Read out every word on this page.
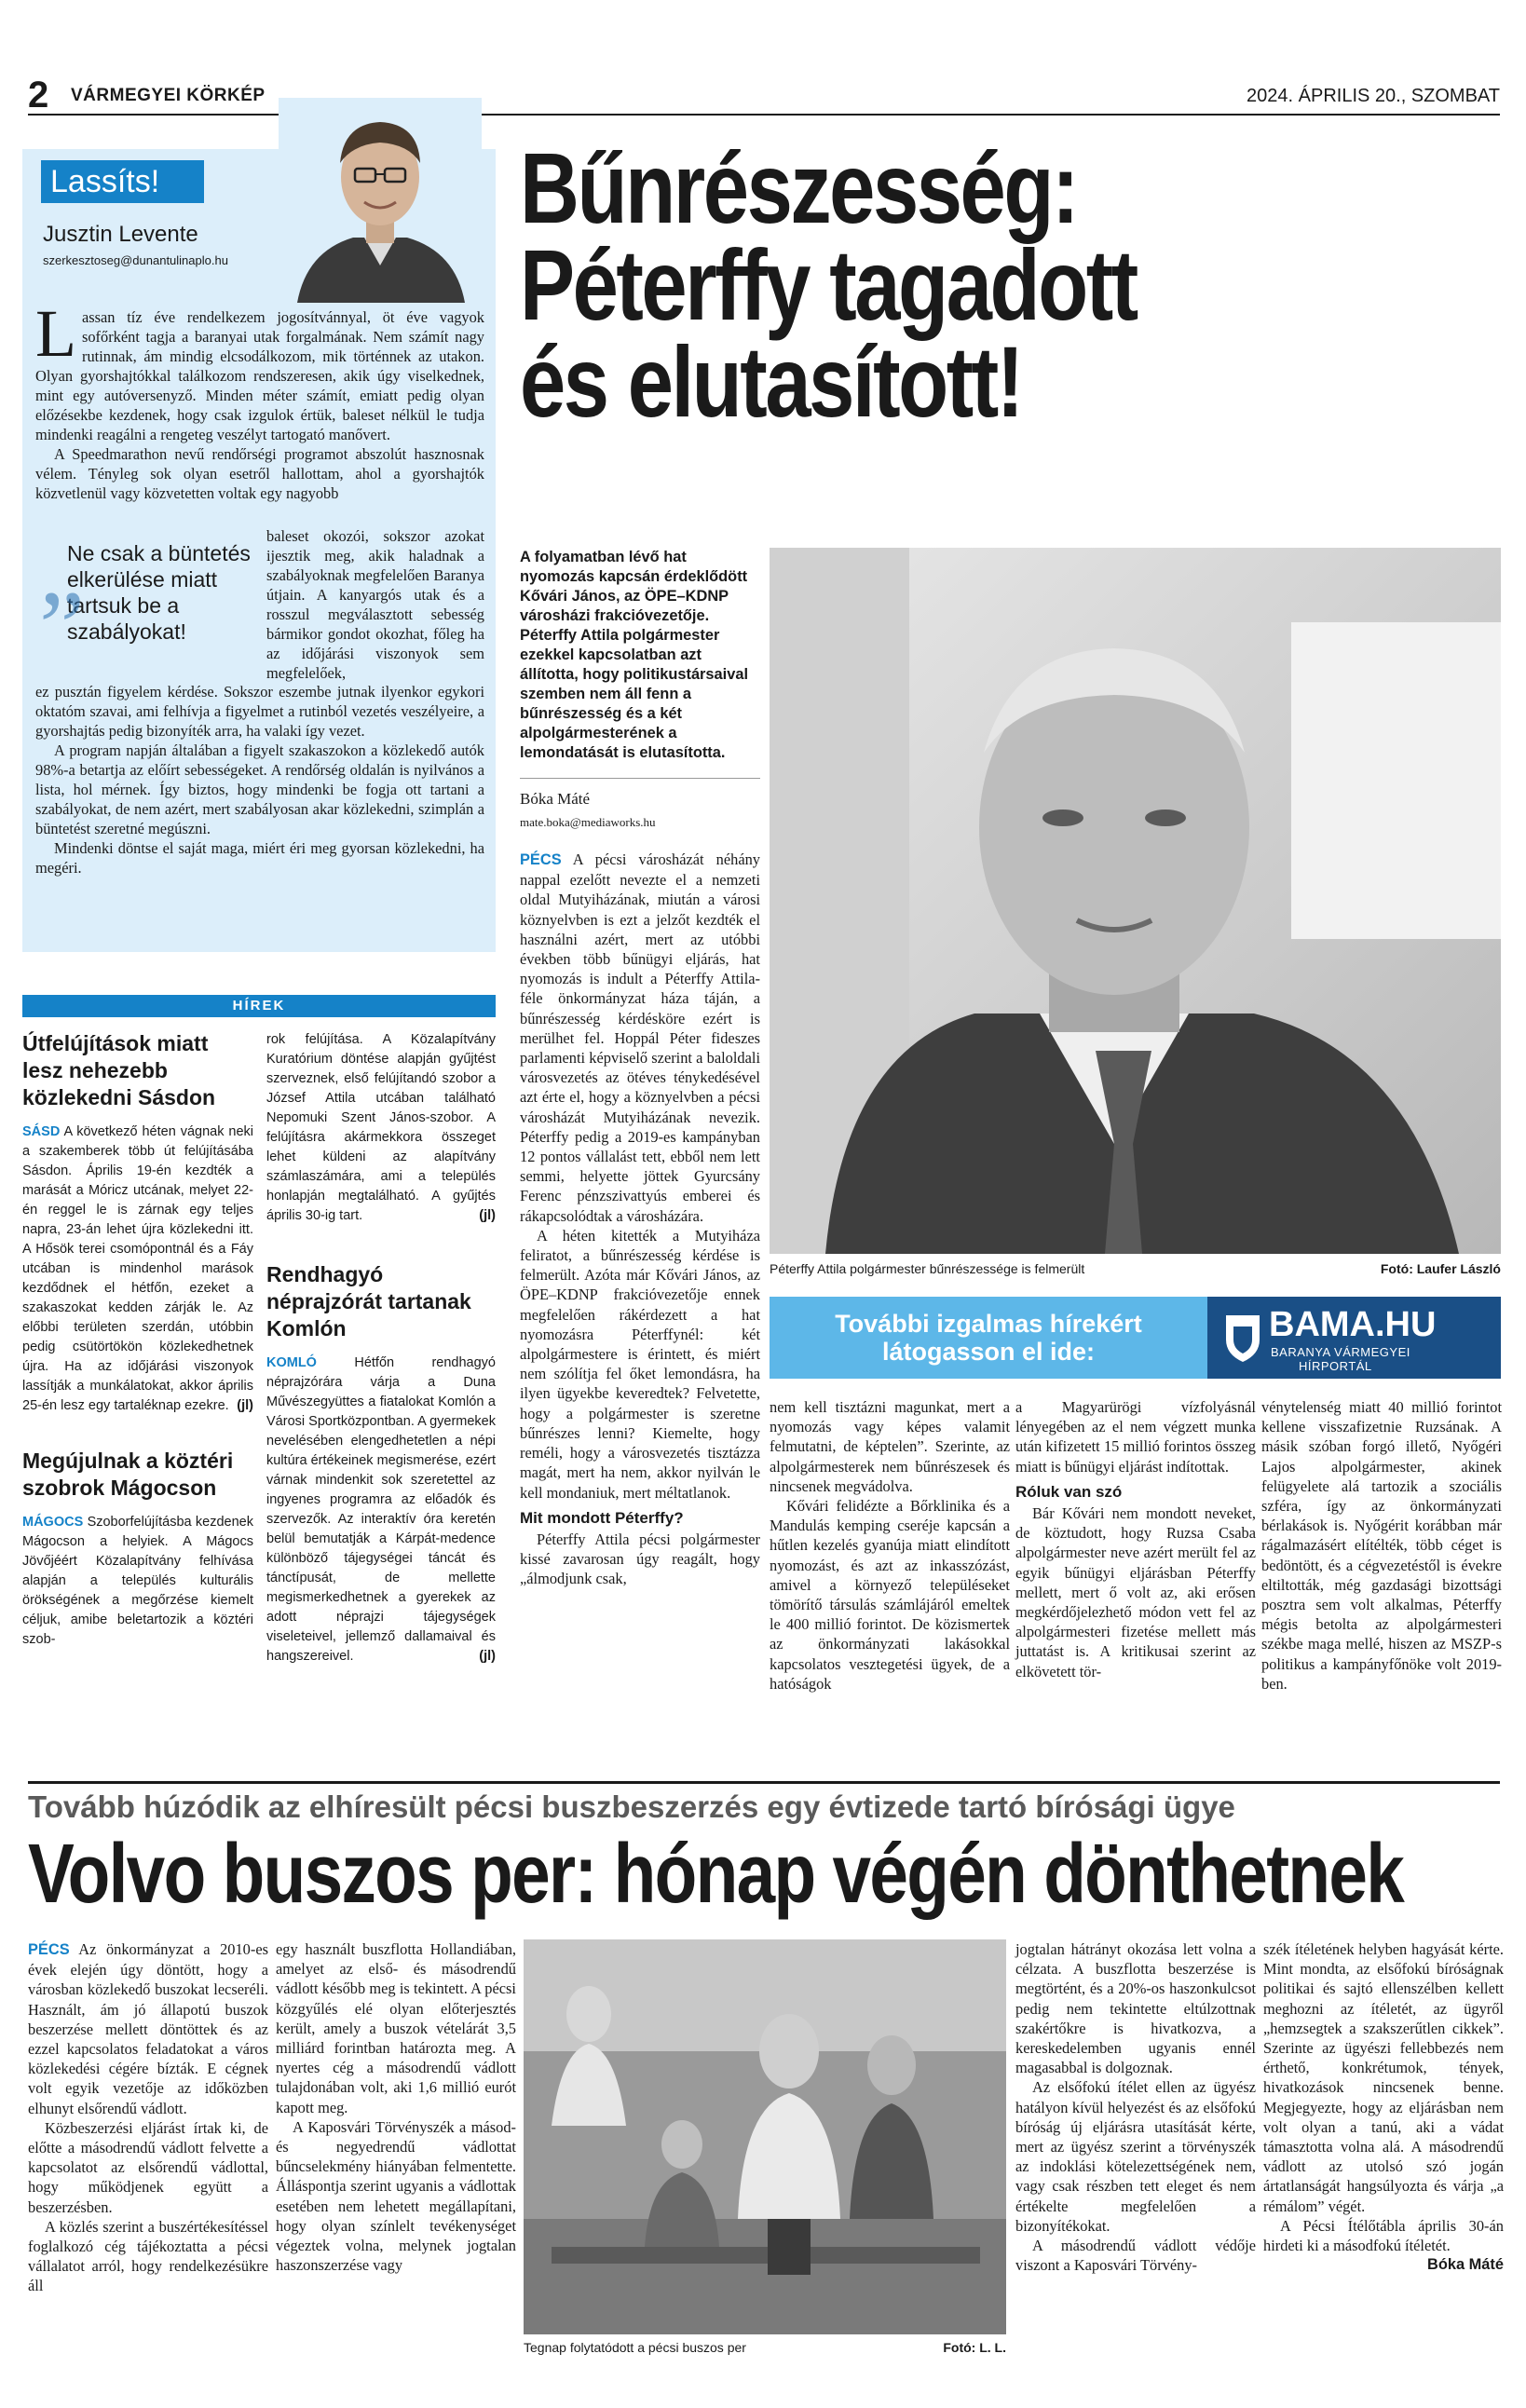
2 VÁRMEGYEI KÖRKÉP	2024. ÁPRILIS 20., SZOMBAT
Lassíts!
Jusztin Levente
szerkesztoseg@dunantulinaplo.hu

Lassan tíz éve rendelkezem jogosítvánnyal, öt éve vagyok sofőrként tagja a baranyai utak forgalmának. Nem számít nagy rutinnak, ám mindig elcsodálkozom, mik történnek az utakon. Olyan gyorshajtókkal találkozom rendszeresen, akik úgy viselkednek, mint egy autóversenyző. Minden méter számít, emiatt pedig olyan előzésekbe kezdenek, hogy csak izgulok értük, baleset nélkül le tudja mindenki reagálni a rengeteg veszélyt tartogató manővert.

A Speedmarathon nevű rendőrségi programot abszolút hasznosnak vélem. Tényleg sok olyan esetről hallottam, ahol a gyorshajtók közvetlenül vagy közvetetten voltak egy nagyobb

„
Ne csak a büntetés elkerülése miatt tartsuk be a szabályokat!

baleset okozói, sokszor azokat ijesztik meg, akik haladnak a szabályoknak megfelelően Baranya útjain. A kanyargós utak és a rosszul megválasztott sebesség bármikor gondot okozhat, főleg ha az időjárási viszonyok sem megfelelőek,

ez pusztán figyelem kérdése. Sokszor eszembe jutnak ilyenkor egykori oktatóm szavai, ami felhívja a figyelmet a rutinból vezetés veszélyeire, a gyorshajtás pedig bizonyíték arra, ha valaki így vezet.

A program napján általában a figyelt szakaszokon a közlekedő autók 98%-a betartja az előírt sebességeket. A rendőrség oldalán is nyilvános a lista, hol mérnek. Így biztos, hogy mindenki be fogja ott tartani a szabályokat, de nem azért, mert szabályosan akar közlekedni, szimplán a büntetést szeretné megúszni.

Mindenki döntse el saját maga, miért éri meg gyorsan közlekedni, ha megéri.

HÍREK
Útfelújítások miatt lesz nehezebb közlekedni Sásdon
SÁSD A következő héten vágnak neki a szakemberek több út felújításába Sásdon. Április 19-én kezdték a marását a Móricz utcának, melyet 22-én reggel le is zárnak egy teljes napra, 23-án lehet újra közlekedni itt. A Hősök terei csomópontnál és a Fáy utcában is mindenhol marások kezdődnek el hétfőn, ezeket a szakaszokat kedden zárják le. Az előbbi területen szerdán, utóbbin pedig csütörtökön közlekedhetnek újra. Ha az időjárási viszonyok lassítják a munkálatokat, akkor április 25-én lesz egy tartaléknap ezekre. (jl)
Megújulnak a köztéri szobrok Mágocson
MÁGOCS Szoborfelújításba kezdenek Mágocson a helyiek. A Mágocs Jövőjéért Közalapítvány felhívása alapján a település kulturális örökségének a megőrzése kiemelt céljuk, amibe beletartozik a köztéri szob-
rok felújítása. A Közalapítvány Kuratórium döntése alapján gyűjtést szerveznek, első felújítandó szobor a József Attila utcában található Nepomuki Szent János-szobor. A felújításra akármekkora összeget lehet küldeni az alapítvány számlaszámára, ami a település honlapján megtalálható. A gyűjtés április 30-ig tart.	(jl)
Rendhagyó néprajzórát tartanak Komlón
KOMLÓ	Hétfőn rendhagyó néprajzórára várja a Duna Művészegyüttes a fiatalokat Komlón a Városi Sportközpontban. A gyermekek nevelésében elengedhetetlen a népi kultúra értékeinek megismerése, ezért várnak mindenkit sok szeretettel az ingyenes programra az előadók és szervezők. Az interaktív óra keretén belül bemutatják a Kárpát-medence különböző tájegységei táncát és tánctípusát, de mellette megismerkedhetnek a gyerekek az adott néprajzi tájegységek viseleteivel, jellemző dallamaival és hangszereivel.	(jl)
Bűnrészesség:
Péterffy tagadott
és elutasított!
A folyamatban lévő hat nyomozás kapcsán érdeklődött Kővári János, az ÖPE–KDNP városházi frakcióvezetője. Péterffy Attila polgármester ezekkel kapcsolatban azt állította, hogy politikustársaival szemben nem áll fenn a bűnrészesség és a két alpolgármesterének a lemondatását is elutasította.
Bóka Máté
mate.boka@mediaworks.hu

PÉCS A pécsi városházát néhány nappal ezelőtt nevezte el a nemzeti oldal Mutyiházának, miután a városi köznyelvben is ezt a jelzőt kezdték el használni azért, mert az utóbbi években több bűnügyi eljárás, hat nyomozás is indult a Péterffy Attila-féle önkormányzat háza táján, a bűnrészesség kérdésköre ezért is merülhet fel. Hoppál Péter fideszes parlamenti képviselő szerint a baloldali városvezetés az ötéves ténykedésével azt érte el, hogy a köznyelvben a pécsi városházát Mutyiházának nevezik. Péterffy pedig a 2019-es kampányban 12 pontos vállalást tett, ebből nem lett semmi, helyette jöttek Gyurcsány Ferenc pénzszivattyús emberei és rákapcsolódtak a városházára.

A héten kitették a Mutyiháza feliratot, a bűnrészesség kérdése is felmerült. Azóta már Kővári János, az ÖPE–KDNP frakcióvezetője ennek megfelelően rákérdezett a hat nyomozásra Péterffynél: két alpolgármestere is érintett, és miért nem szólítja fel őket lemondásra, ha ilyen ügyekbe keveredtek? Felvetette, hogy a polgármester is szeretne bűnrészes lenni? Kiemelte, hogy reméli, hogy a városvezetés tisztázza magát, mert ha nem, akkor nyilván le kell mondaniuk, mert méltatlanok.

Mit mondott Péterffy?

Péterffy Attila pécsi polgármester kissé zavarosan úgy reagált, hogy „álmodjunk csak,

Péterffy Attila polgármester bűnrészessége is felmerült	Fotó: Laufer László
További izgalmas hírekért
látogasson el ide:
BAMA.HU
BARANYA VÁRMEGYEI
HÍRPORTÁL

nem kell tisztázni magunkat, mert a nyomozás vagy képes valamit felmutatni, de képtelen”. Szerinte, az alpolgármesterek nem bűnrészesek és nincsenek megvádolva.

Kővári felidézte a Bőrklinika és a Mandulás kemping cseréje kapcsán a hűtlen kezelés gyanúja miatt elindított nyomozást, és azt az inkasszózást, amivel a környező településeket tömörítő társulás számlájáról emeltek le 400 millió forintot. De közismertek az önkormányzati lakásokkal kapcsolatos vesztegetési ügyek, de a hatóságok

a Magyarürögi vízfolyásnál lényegében az el nem végzett munka után kifizetett 15 millió forintos összeg miatt is bűnügyi eljárást indítottak.

Róluk van szó

Bár Kővári nem mondott neveket, de köztudott, hogy Ruzsa Csaba alpolgármester neve azért merült fel az egyik bűnügyi eljárásban Péterffy mellett, mert ő volt az, aki erősen megkérdőjelezhető módon vett fel az alpolgármesteri fizetése mellett más juttatást is. A kritikusai szerint az elkövetett tör-

vénytelenség miatt 40 millió forintot kellene visszafizetnie Ruzsának. A másik szóban forgó illető, Nyőgéri Lajos alpolgármester, akinek felügyelete alá tartozik a szociális szféra, így az önkormányzati bérlakások is. Nyőgérit korábban már rágalmazásért elítélték, több céget is bedöntött, és a cégvezetéstől is évekre eltiltották, még gazdasági bizottsági posztra sem volt alkalmas, Péterffy mégis betolta az alpolgármesteri székbe maga mellé, hiszen az MSZP-s politikus a kampányfőnöke volt 2019-ben.

Tovább húzódik az elhíresült pécsi buszbeszerzés egy évtizede tartó bírósági ügye
Volvo buszos per: hónap végén dönthetnek

PÉCS Az önkormányzat a 2010-es évek elején úgy döntött, hogy a városban közlekedő buszokat lecseréli. Használt, ám jó állapotú buszok beszerzése mellett döntöttek és az ezzel kapcsolatos feladatokat a város közlekedési cégére bízták. E cégnek volt egyik vezetője az időközben elhunyt elsőrendű vádlott.

Közbeszerzési eljárást írtak ki, de előtte a másodrendű vádlott felvette a kapcsolatot az elsőrendű vádlottal, hogy működjenek együtt a beszerzésben.

A közlés szerint a buszértékesítéssel foglalkozó cég tájékoztatta a pécsi vállalatot arról, hogy rendelkezésükre áll

egy használt buszflotta Hollandiában, amelyet az első- és másodrendű vádlott később meg is tekintett. A pécsi közgyűlés elé olyan előterjesztés került, amely a buszok vételárát 3,5 milliárd forintban határozta meg. A nyertes cég a másodrendű vádlott tulajdonában volt, aki 1,6 millió eurót kapott meg.

A Kaposvári Törvényszék a másod- és negyedrendű vádlottat bűncselekmény hiányában felmentette. Álláspontja szerint ugyanis a vádlottak esetében nem lehetett megállapítani, hogy olyan színlelt tevékenységet végeztek volna, melynek jogtalan haszonszerzése vagy

Tegnap folytatódott a pécsi buszos per	Fotó: L. L.

jogtalan hátrányt okozása lett volna a célzata. A buszflotta beszerzése is megtörtént, és a 20%-os haszonkulcsot pedig nem tekintette eltúlzottnak szakértőkre is hivatkozva, a kereskedelemben ugyanis ennél magasabbal is dolgoznak.

Az elsőfokú ítélet ellen az ügyész hatályon kívül helyezést és az elsőfokú bíróság új eljárásra utasítását kérte, mert az ügyész szerint a törvényszék az indoklási kötelezettségének nem, vagy csak részben tett eleget és nem értékelte megfelelően a bizonyítékokat.

A másodrendű vádlott védője viszont a Kaposvári Törvény-

szék ítéletének helyben hagyását kérte. Mint mondta, az elsőfokú bíróságnak politikai és sajtó ellenszélben kellett meghozni az ítéletét, az ügyről „hemzsegtek a szakszerűtlen cikkek”. Szerinte az ügyészi fellebbezés nem érthető, konkrétumok, tények, hivatkozások nincsenek benne. Megjegyezte, hogy az eljárásban nem volt olyan a tanú, aki a vádat támasztotta volna alá. A másodrendű vádlott az utolsó szó jogán ártatlanságát hangsúlyozta és várja „a rémálom” végét.

A Pécsi Ítélőtábla április 30-án hirdeti ki a másodfokú ítéletét.
Bóka Máté
